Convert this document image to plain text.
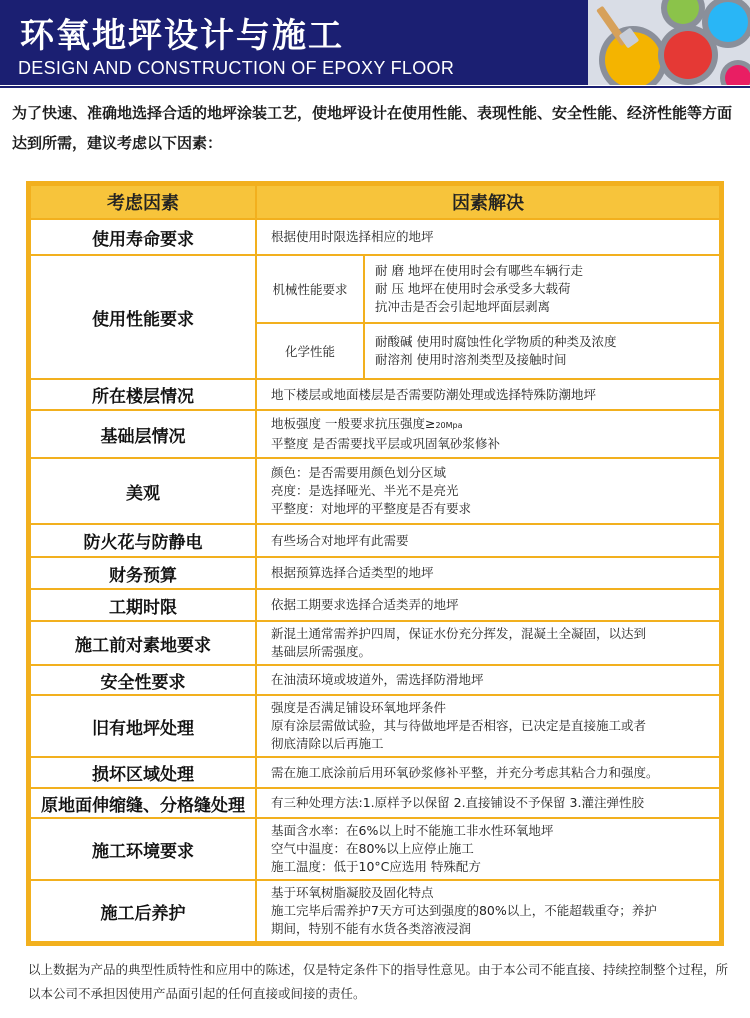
环氧地坪设计与施工
DESIGN AND CONSTRUCTION OF EPOXY FLOOR
为了快速、准确地选择合适的地坪涂装工艺，使地坪设计在使用性能、表现性能、安全性能、经济性能等方面达到所需，建议考虑以下因素：
考虑因素	因素解决	
使用寿命要求	根据使用时限选择相应的地坪	

使用性能要求	机械性能要求	耐 磨 地坪在使用时会有哪些车辆行走
耐 压 地坪在使用时会承受多大载荷
抗冲击是否会引起地坪面层剥离

	化学性能	耐酸碱 使用时腐蚀性化学物质的种类及浓度
耐溶剂 使用时溶剂类型及接触时间

所在楼层情况	地下楼层或地面楼层是否需要防潮处理或选择特殊防潮地坪	

基础层情况	地板强度 一般要求抗压强度≥20Mpa
平整度 是否需要找平层或巩固氧砂浆修补	

美观	颜色：是否需要用颜色划分区域
亮度：是选择哑光、半光不是亮光
平整度：对地坪的平整度是否有要求	

防火花与防静电	有些场合对地坪有此需要	

财务预算	根据预算选择合适类型的地坪	

工期时限	依据工期要求选择合适类弄的地坪	

施工前对素地要求	新混土通常需养护四周，保证水份充分挥发，混凝土全凝固，以达到
基础层所需强度。	

安全性要求	在油渍环境或坡道外，需选择防滑地坪	

旧有地坪处理	强度是否满足铺设环氧地坪条件
原有涂层需做试验，其与待做地坪是否相容，已决定是直接施工或者
彻底清除以后再施工	

损坏区域处理	需在施工底涂前后用环氧砂浆修补平整，并充分考虑其粘合力和强度。	

原地面伸缩缝、分格缝处理	有三种处理方法:1.原样予以保留 2.直接铺设不予保留 3.灌注弹性胶	

施工环境要求	基面含水率：在6%以上时不能施工非水性环氧地坪
空气中温度：在80%以上应停止施工
施工温度：低于10°C应选用 特殊配方	

施工后养护	基于环氧树脂凝胶及固化特点
施工完毕后需养护7天方可达到强度的80%以上，不能超载重夺；养护
期间，特别不能有水货各类溶液浸润	
以上数据为产品的典型性质特性和应用中的陈述，仅是特定条件下的指导性意见。由于本公司不能直接、持续控制整个过程，所以本公司不承担因使用产品面引起的任何直接或间接的责任。
